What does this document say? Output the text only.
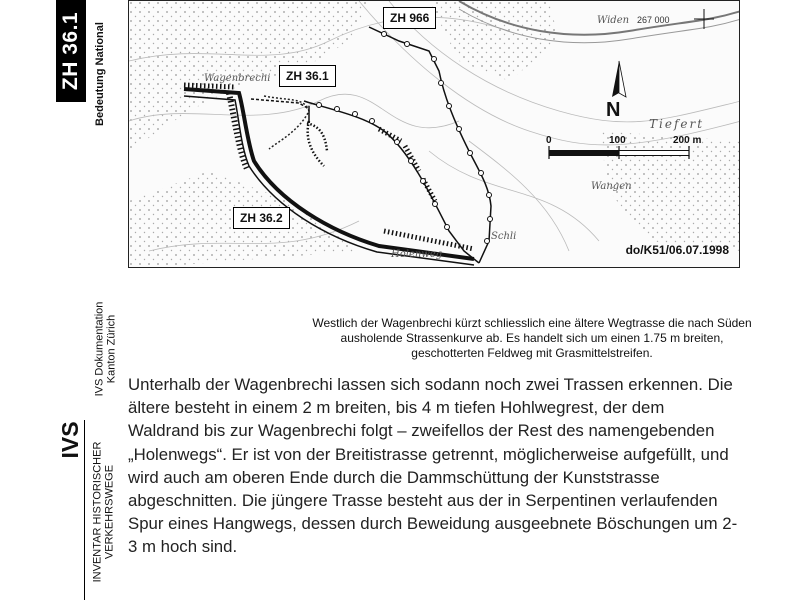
ZH 36.1 Bedeutung National
IVS Dokumentation Kanton Zürich
IVS
INVENTAR HISTORISCHER VERKEHRSWEGE
ZH 966
ZH 36.1
ZH 36.2
Wagenbrechi
Widen
Tiefert
Wangen
Holenweg
Schli
267 000
N
0	100	200 m
do/K51/06.07.1998
Westlich der Wagenbrechi kürzt schliesslich eine ältere Wegtrasse die nach Süden ausholende Strassenkurve ab. Es handelt sich um einen 1.75 m breiten, geschotterten Feldweg mit Grasmittelstreifen.
Unterhalb der Wagenbrechi lassen sich sodann noch zwei Trassen erkennen. Die ältere besteht in einem 2 m breiten, bis 4 m tiefen Hohlwegrest, der dem Waldrand bis zur Wagenbrechi folgt – zweifellos der Rest des namengebenden „Holenwegs“. Er ist von der Breitistrasse getrennt, möglicherweise aufgefüllt, und wird auch am oberen Ende durch die Dammschüttung der Kunststrasse abgeschnitten. Die jüngere Trasse besteht aus der in Serpentinen verlaufenden Spur eines Hangwegs, dessen durch Beweidung ausgeebnete Böschungen um 2-3 m hoch sind.
